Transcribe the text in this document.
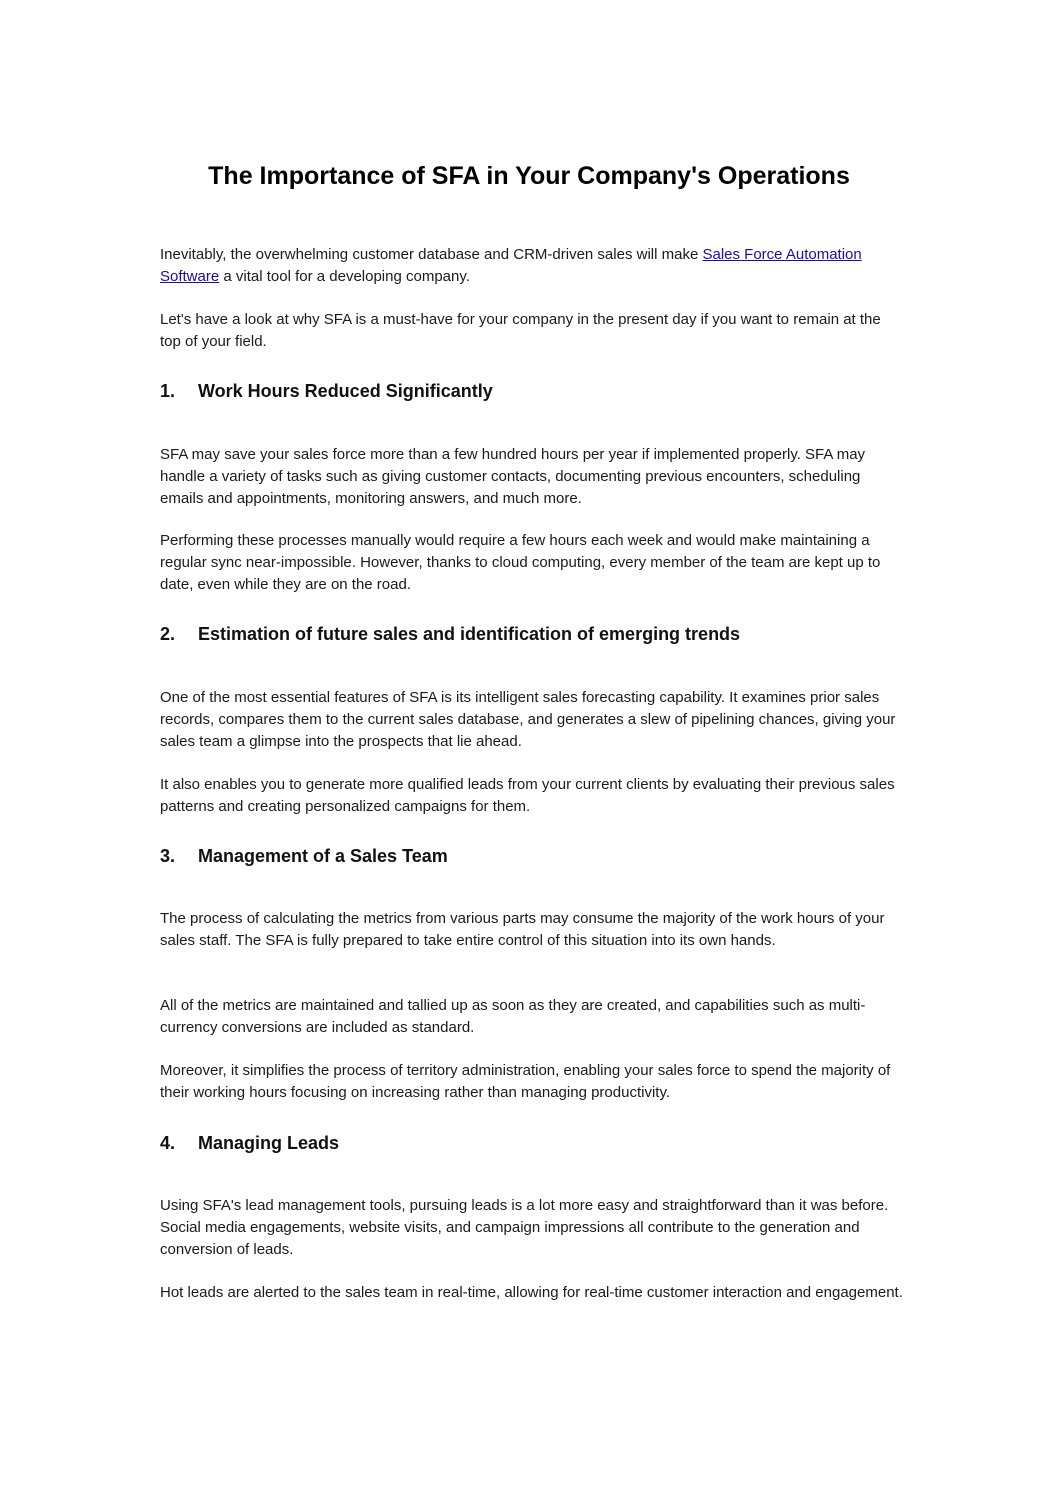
The Importance of SFA in Your Company's Operations

Inevitably, the overwhelming customer database and CRM-driven sales will make Sales Force Automation Software a vital tool for a developing company.

Let's have a look at why SFA is a must-have for your company in the present day if you want to remain at the top of your field.

1. Work Hours Reduced Significantly

SFA may save your sales force more than a few hundred hours per year if implemented properly. SFA may handle a variety of tasks such as giving customer contacts, documenting previous encounters, scheduling emails and appointments, monitoring answers, and much more.

Performing these processes manually would require a few hours each week and would make maintaining a regular sync near-impossible. However, thanks to cloud computing, every member of the team are kept up to date, even while they are on the road.

2. Estimation of future sales and identification of emerging trends

One of the most essential features of SFA is its intelligent sales forecasting capability. It examines prior sales records, compares them to the current sales database, and generates a slew of pipelining chances, giving your sales team a glimpse into the prospects that lie ahead.

It also enables you to generate more qualified leads from your current clients by evaluating their previous sales patterns and creating personalized campaigns for them.

3. Management of a Sales Team

The process of calculating the metrics from various parts may consume the majority of the work hours of your sales staff. The SFA is fully prepared to take entire control of this situation into its own hands.

All of the metrics are maintained and tallied up as soon as they are created, and capabilities such as multi-currency conversions are included as standard.

Moreover, it simplifies the process of territory administration, enabling your sales force to spend the majority of their working hours focusing on increasing rather than managing productivity.

4. Managing Leads

Using SFA's lead management tools, pursuing leads is a lot more easy and straightforward than it was before. Social media engagements, website visits, and campaign impressions all contribute to the generation and conversion of leads.

Hot leads are alerted to the sales team in real-time, allowing for real-time customer interaction and engagement.
